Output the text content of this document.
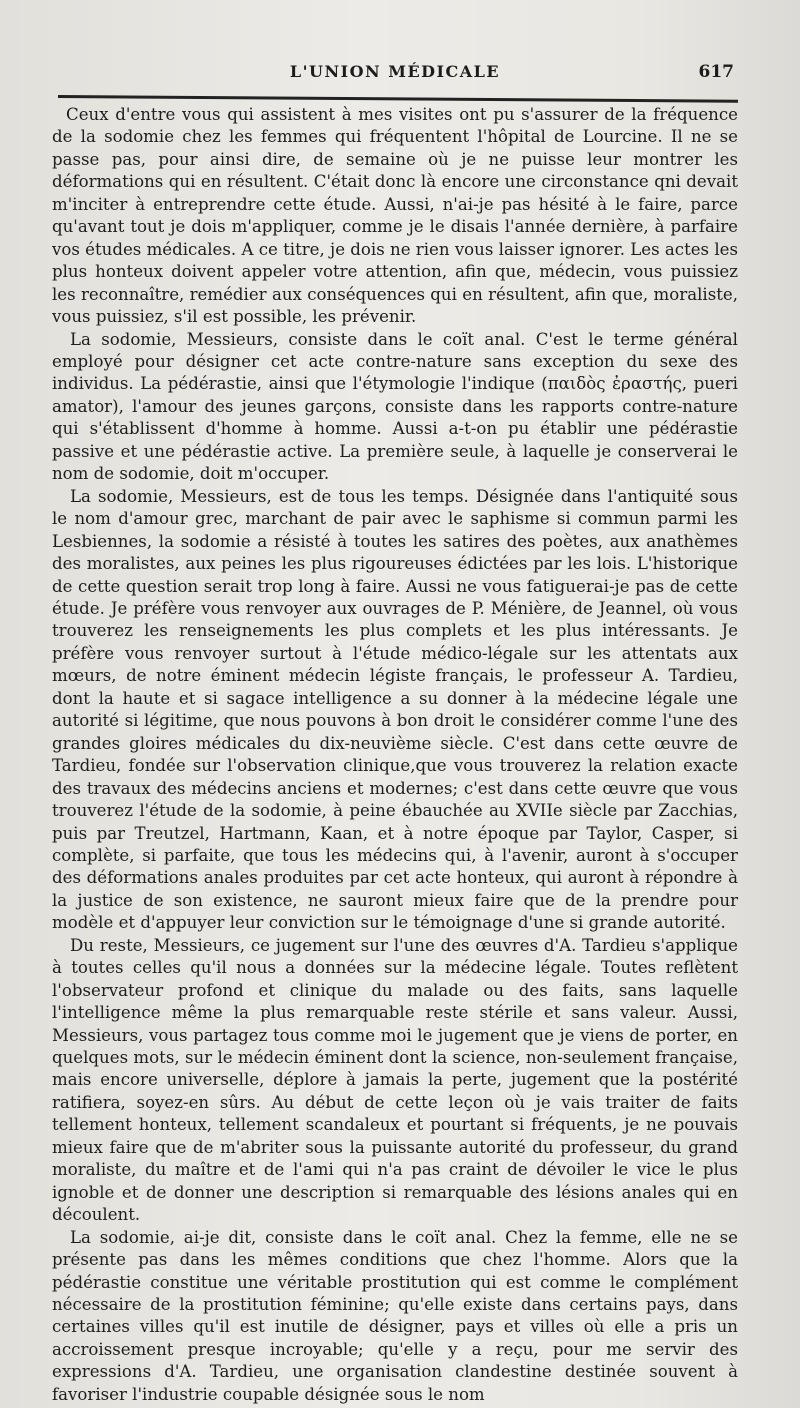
L'UNION MÉDICALE	617

Ceux d'entre vous qui assistent à mes visites ont pu s'assurer de la fréquence de la sodomie chez les femmes qui fréquentent l'hôpital de Lourcine. Il ne se passe pas, pour ainsi dire, de semaine où je ne puisse leur montrer les déformations qui en résultent. C'était donc là encore une circonstance qni devait m'inciter à entreprendre cette étude. Aussi, n'ai-je pas hésité à le faire, parce qu'avant tout je dois m'appliquer, comme je le disais l'année dernière, à parfaire vos études médicales. A ce titre, je dois ne rien vous laisser ignorer. Les actes les plus honteux doivent appeler votre attention, afin que, médecin, vous puissiez les reconnaître, remédier aux conséquences qui en résultent, afin que, moraliste, vous puissiez, s'il est possible, les prévenir.

La sodomie, Messieurs, consiste dans le coït anal. C'est le terme général employé pour désigner cet acte contre-nature sans exception du sexe des individus. La pédérastie, ainsi que l'étymologie l'indique (παιδὸς ἐραστής, pueri amator), l'amour des jeunes garçons, consiste dans les rapports contre-nature qui s'établissent d'homme à homme. Aussi a-t-on pu établir une pédérastie passive et une pédérastie active. La première seule, à laquelle je conserverai le nom de sodomie, doit m'occuper.

La sodomie, Messieurs, est de tous les temps. Désignée dans l'antiquité sous le nom d'amour grec, marchant de pair avec le saphisme si commun parmi les Lesbiennes, la sodomie a résisté à toutes les satires des poètes, aux anathèmes des moralistes, aux peines les plus rigoureuses édictées par les lois. L'historique de cette question serait trop long à faire. Aussi ne vous fatiguerai-je pas de cette étude. Je préfère vous renvoyer aux ouvrages de P. Ménière, de Jeannel, où vous trouverez les renseignements les plus complets et les plus intéressants. Je préfère vous renvoyer surtout à l'étude médico-légale sur les attentats aux mœurs, de notre éminent médecin légiste français, le professeur A. Tardieu, dont la haute et si sagace intelligence a su donner à la médecine légale une autorité si légitime, que nous pouvons à bon droit le considérer comme l'une des grandes gloires médicales du dix-neuvième siècle. C'est dans cette œuvre de Tardieu, fondée sur l'observation clinique,que vous trouverez la relation exacte des travaux des médecins anciens et modernes; c'est dans cette œuvre que vous trouverez l'étude de la sodomie, à peine ébauchée au XVIIe siècle par Zacchias, puis par Treutzel, Hartmann, Kaan, et à notre époque par Taylor, Casper, si complète, si parfaite, que tous les médecins qui, à l'avenir, auront à s'occuper des déformations anales produites par cet acte honteux, qui auront à répondre à la justice de son existence, ne sauront mieux faire que de la prendre pour modèle et d'appuyer leur conviction sur le témoignage d'une si grande autorité.

Du reste, Messieurs, ce jugement sur l'une des œuvres d'A. Tardieu s'applique à toutes celles qu'il nous a données sur la médecine légale. Toutes reflètent l'observateur profond et clinique du malade ou des faits, sans laquelle l'intelligence même la plus remarquable reste stérile et sans valeur. Aussi, Messieurs, vous partagez tous comme moi le jugement que je viens de porter, en quelques mots, sur le médecin éminent dont la science, non-seulement française, mais encore universelle, déplore à jamais la perte, jugement que la postérité ratifiera, soyez-en sûrs. Au début de cette leçon où je vais traiter de faits tellement honteux, tellement scandaleux et pourtant si fréquents, je ne pouvais mieux faire que de m'abriter sous la puissante autorité du professeur, du grand moraliste, du maître et de l'ami qui n'a pas craint de dévoiler le vice le plus ignoble et de donner une description si remarquable des lésions anales qui en découlent.

La sodomie, ai-je dit, consiste dans le coït anal. Chez la femme, elle ne se présente pas dans les mêmes conditions que chez l'homme. Alors que la pédérastie constitue une véritable prostitution qui est comme le complément nécessaire de la prostitution féminine; qu'elle existe dans certains pays, dans certaines villes qu'il est inutile de désigner, pays et villes où elle a pris un accroissement presque incroyable; qu'elle y a reçu, pour me servir des expressions d'A. Tardieu, une organisation clandestine destinée souvent à favoriser l'industrie coupable désignée sous le nom
